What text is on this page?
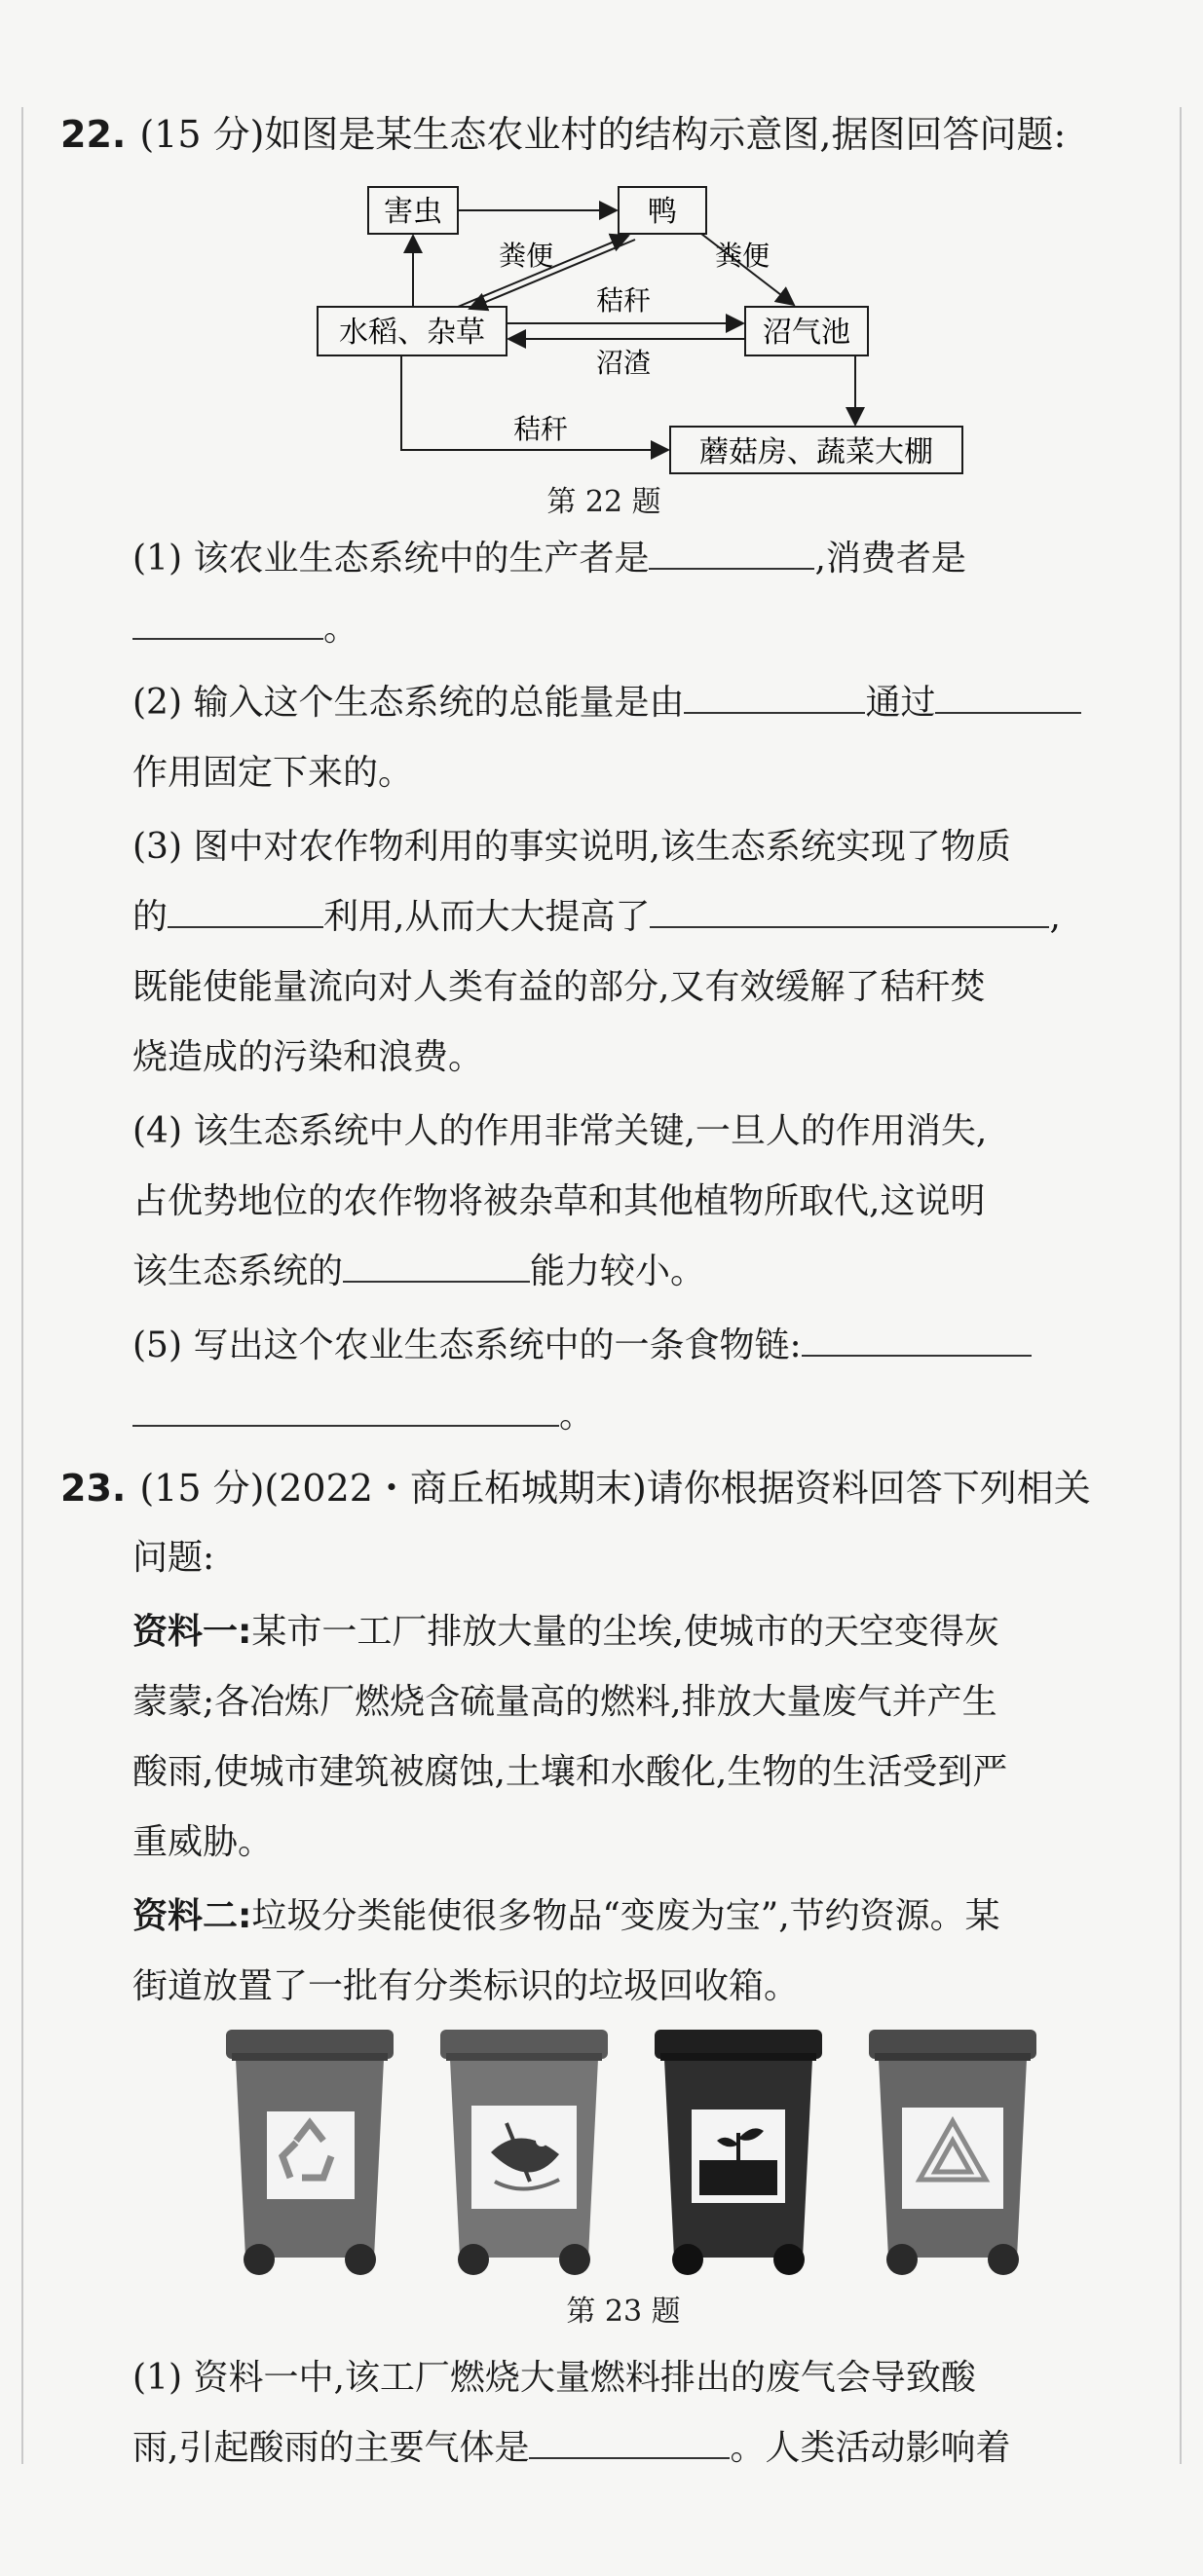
22. (15 分)如图是某生态农业村的结构示意图,据图回答问题:
害虫	鸭
水稻、杂草	沼气池
蘑菇房、蔬菜大棚
粪便	粪便
秸秆
沼渣
秸秆
第 22 题
(1) 该农业生态系统中的生产者是	,消费者是
。
(2) 输入这个生态系统的总能量是由	通过
作用固定下来的。
(3) 图中对农作物利用的事实说明,该生态系统实现了物质
的	利用,从而大大提高了	,
既能使能量流向对人类有益的部分,又有效缓解了秸秆焚
烧造成的污染和浪费。
(4) 该生态系统中人的作用非常关键,一旦人的作用消失,
占优势地位的农作物将被杂草和其他植物所取代,这说明
该生态系统的	能力较小。
(5) 写出这个农业生态系统中的一条食物链:
。
23. (15 分)(2022・商丘柘城期末)请你根据资料回答下列相关
问题:
资料一:某市一工厂排放大量的尘埃,使城市的天空变得灰
蒙蒙;各冶炼厂燃烧含硫量高的燃料,排放大量废气并产生
酸雨,使城市建筑被腐蚀,土壤和水酸化,生物的生活受到严
重威胁。
资料二:垃圾分类能使很多物品“变废为宝”,节约资源。某
街道放置了一批有分类标识的垃圾回收箱。
第 23 题
(1) 资料一中,该工厂燃烧大量燃料排出的废气会导致酸
雨,引起酸雨的主要气体是	。人类活动影响着
